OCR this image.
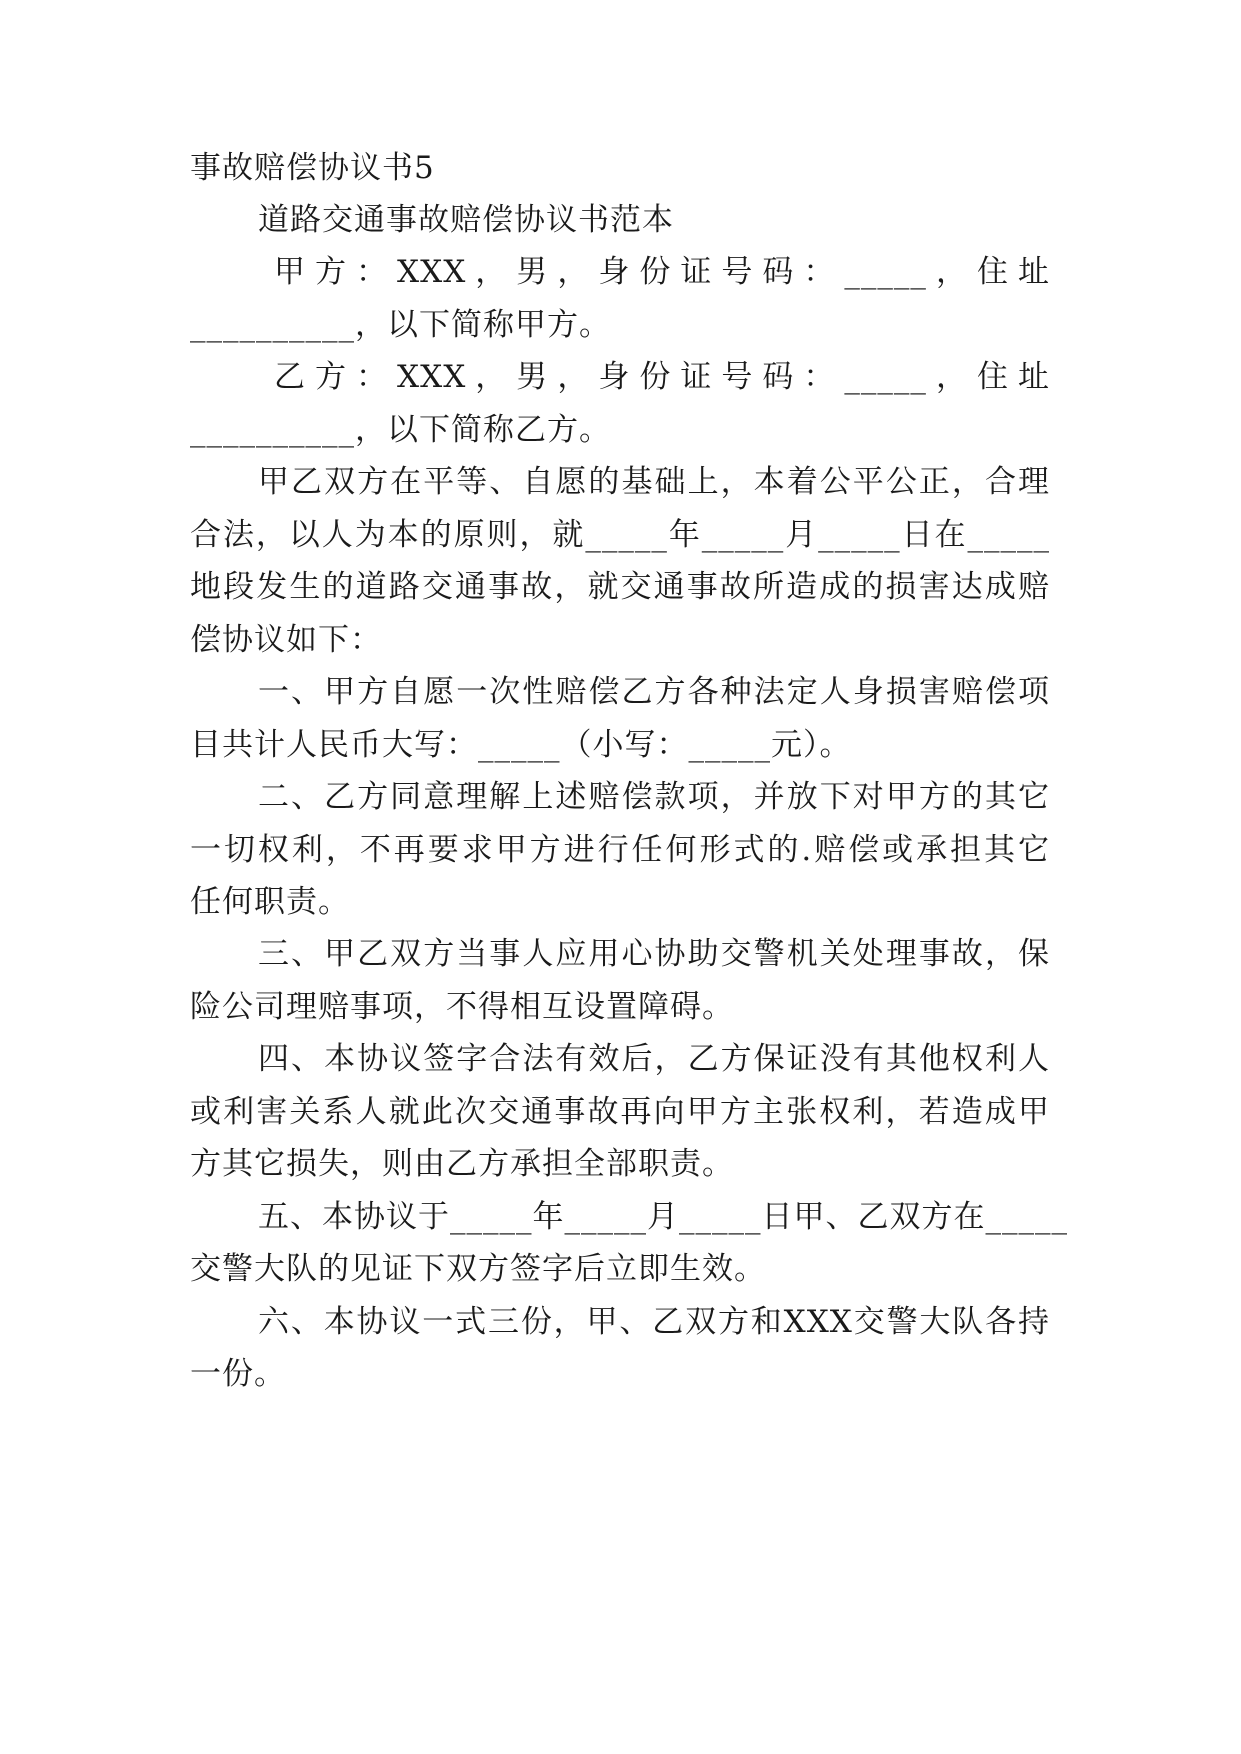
事故赔偿协议书5
道路交通事故赔偿协议书范本
甲方：XXX，男，身份证号码：_____，住址
__________，以下简称甲方。
乙方：XXX，男，身份证号码：_____，住址
__________，以下简称乙方。
甲乙双方在平等、自愿的基础上，本着公平公正，合理
合法，以人为本的原则，就_____年_____月_____日在_____
地段发生的道路交通事故，就交通事故所造成的损害达成赔
偿协议如下：
一、甲方自愿一次性赔偿乙方各种法定人身损害赔偿项
目共计人民币大写：_____（小写：_____元）。
二、乙方同意理解上述赔偿款项，并放下对甲方的其它
一切权利，不再要求甲方进行任何形式的.赔偿或承担其它
任何职责。
三、甲乙双方当事人应用心协助交警机关处理事故，保
险公司理赔事项，不得相互设置障碍。
四、本协议签字合法有效后，乙方保证没有其他权利人
或利害关系人就此次交通事故再向甲方主张权利，若造成甲
方其它损失，则由乙方承担全部职责。
五、本协议于_____年_____月_____日甲、乙双方在_____
交警大队的见证下双方签字后立即生效。
六、本协议一式三份，甲、乙双方和XXX交警大队各持
一份。
